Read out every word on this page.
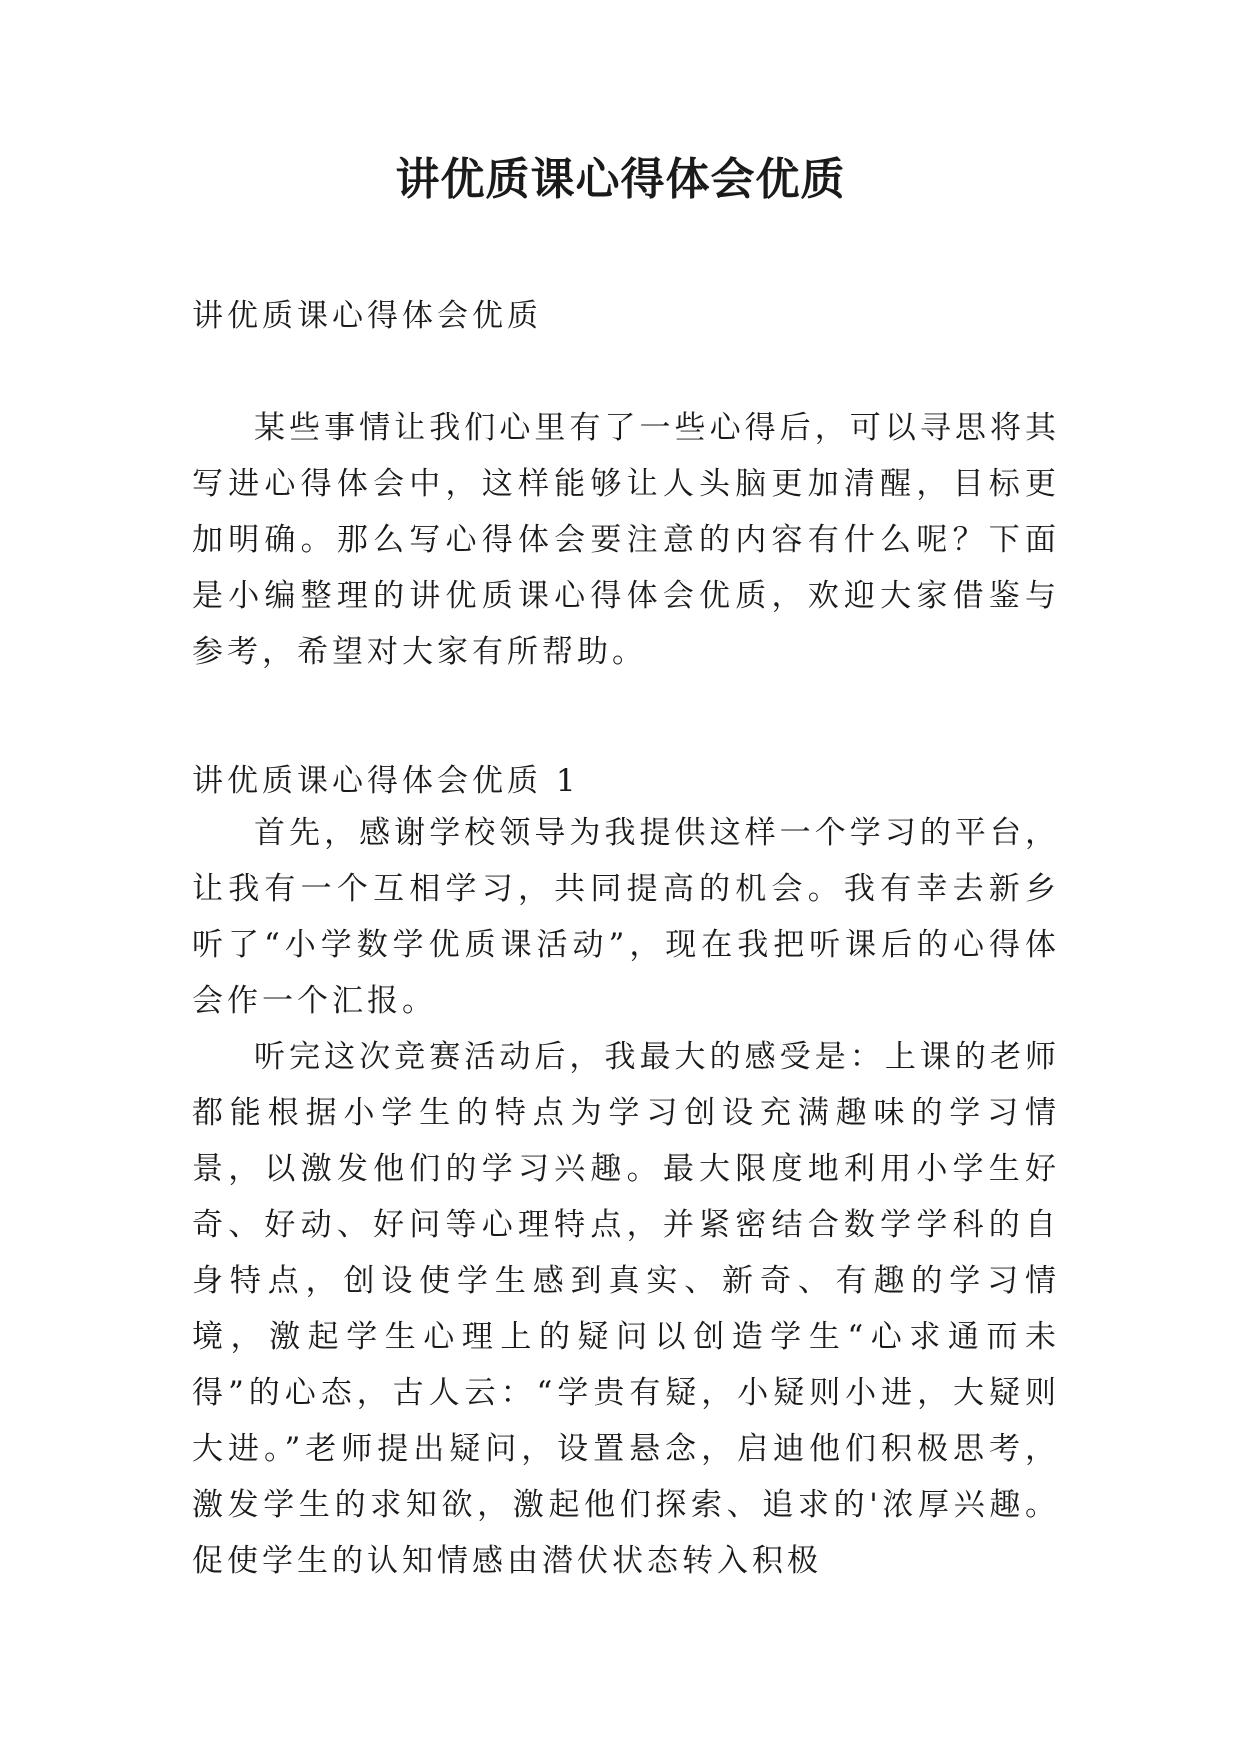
讲优质课心得体会优质
讲优质课心得体会优质

某些事情让我们心里有了一些心得后，可以寻思将其写进心得体会中，这样能够让人头脑更加清醒，目标更加明确。那么写心得体会要注意的内容有什么呢？下面是小编整理的讲优质课心得体会优质，欢迎大家借鉴与参考，希望对大家有所帮助。

讲优质课心得体会优质 1

首先，感谢学校领导为我提供这样一个学习的平台，让我有一个互相学习，共同提高的机会。我有幸去新乡听了“小学数学优质课活动”，现在我把听课后的心得体会作一个汇报。

听完这次竞赛活动后，我最大的感受是：上课的老师都能根据小学生的特点为学习创设充满趣味的学习情景，以激发他们的学习兴趣。最大限度地利用小学生好奇、好动、好问等心理特点，并紧密结合数学学科的自身特点，创设使学生感到真实、新奇、有趣的学习情境，激起学生心理上的疑问以创造学生“心求通而未得”的心态，古人云：“学贵有疑，小疑则小进，大疑则大进。”老师提出疑问，设置悬念，启迪他们积极思考，激发学生的求知欲，激起他们探索、追求的'浓厚兴趣。促使学生的认知情感由潜伏状态转入积极
